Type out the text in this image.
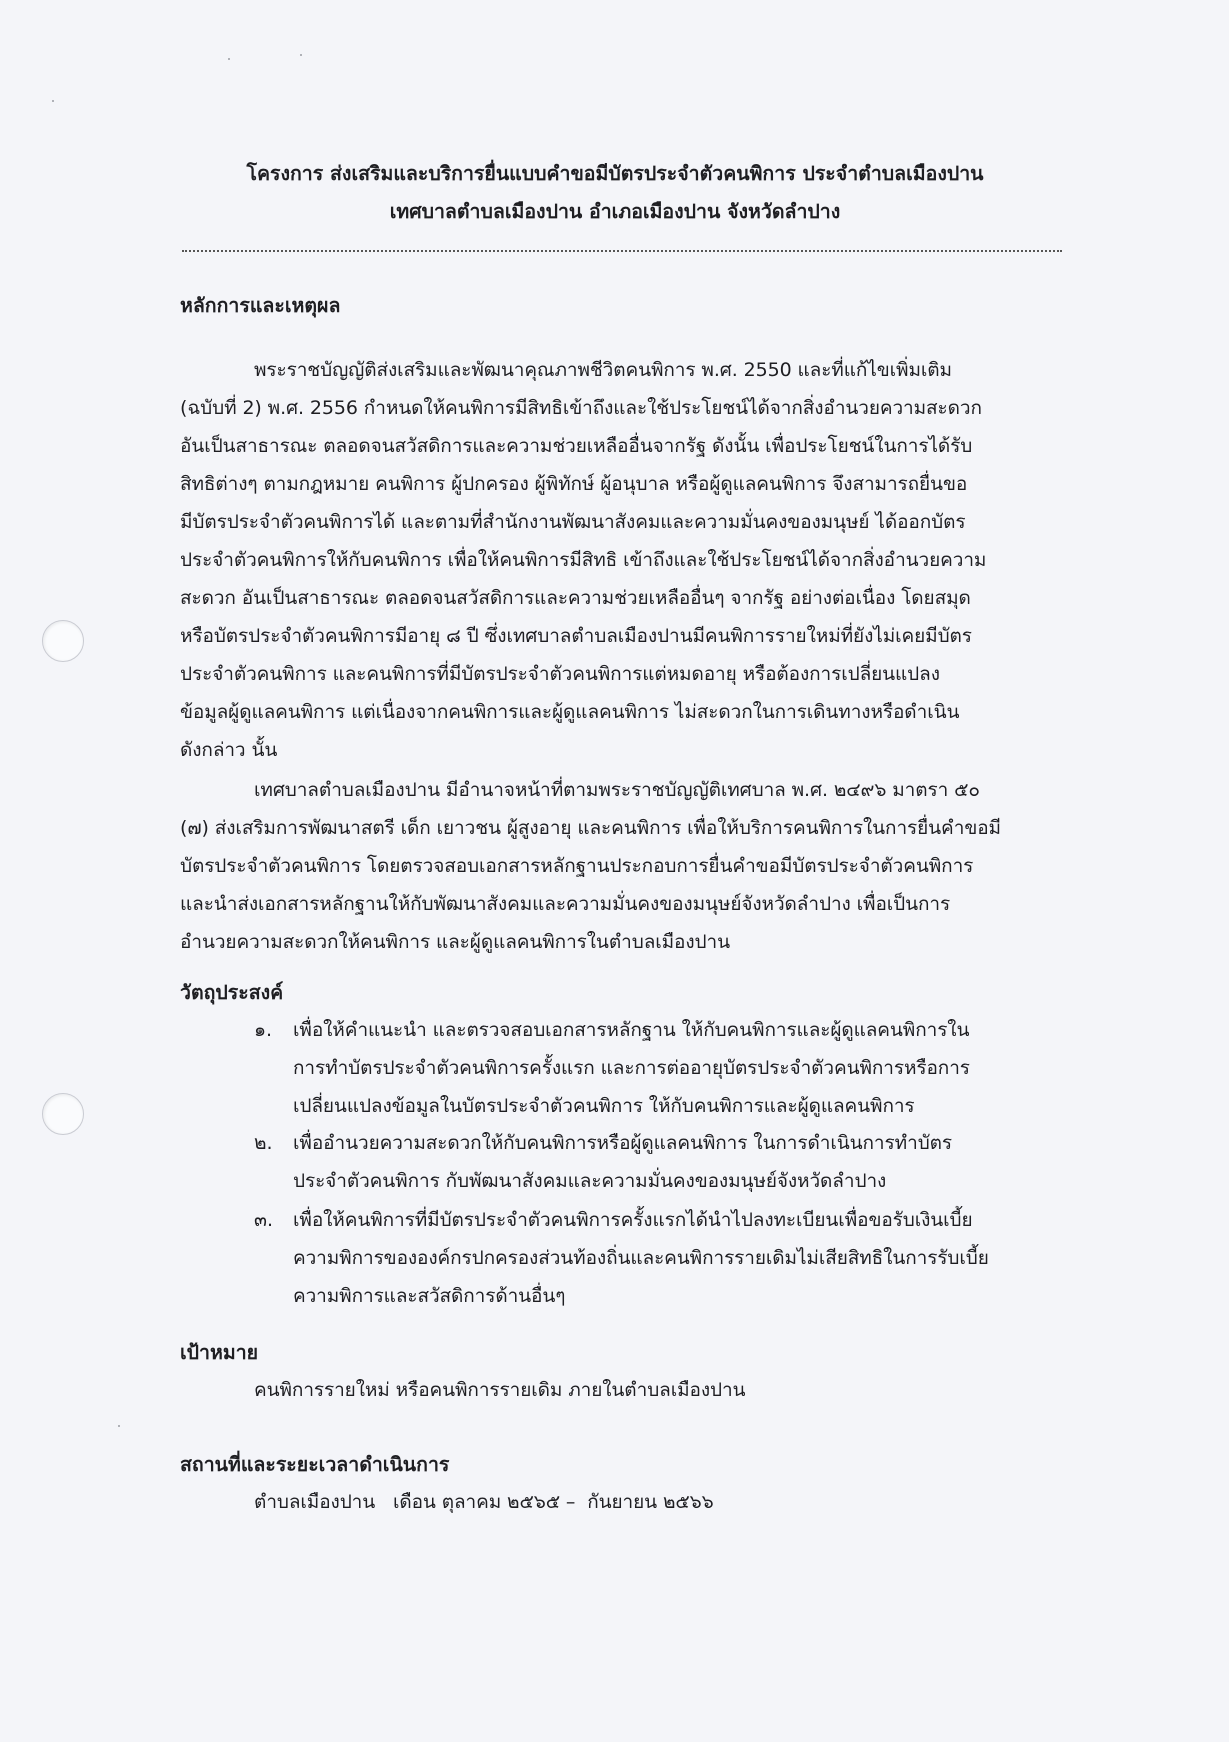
โครงการ ส่งเสริมและบริการยื่นแบบคำขอมีบัตรประจำตัวคนพิการ ประจำตำบลเมืองปาน
เทศบาลตำบลเมืองปาน อำเภอเมืองปาน จังหวัดลำปาง
หลักการและเหตุผล
พระราชบัญญัติส่งเสริมและพัฒนาคุณภาพชีวิตคนพิการ พ.ศ. 2550 และที่แก้ไขเพิ่มเติม
(ฉบับที่ 2) พ.ศ. 2556 กำหนดให้คนพิการมีสิทธิเข้าถึงและใช้ประโยชน์ได้จากสิ่งอำนวยความสะดวก
อันเป็นสาธารณะ ตลอดจนสวัสดิการและความช่วยเหลืออื่นจากรัฐ ดังนั้น เพื่อประโยชน์ในการได้รับ
สิทธิต่างๆ ตามกฎหมาย คนพิการ ผู้ปกครอง ผู้พิทักษ์ ผู้อนุบาล หรือผู้ดูแลคนพิการ จึงสามารถยื่นขอ
มีบัตรประจำตัวคนพิการได้ และตามที่สำนักงานพัฒนาสังคมและความมั่นคงของมนุษย์ ได้ออกบัตร
ประจำตัวคนพิการให้กับคนพิการ เพื่อให้คนพิการมีสิทธิ เข้าถึงและใช้ประโยชน์ได้จากสิ่งอำนวยความ
สะดวก อันเป็นสาธารณะ ตลอดจนสวัสดิการและความช่วยเหลืออื่นๆ จากรัฐ อย่างต่อเนื่อง โดยสมุด
หรือบัตรประจำตัวคนพิการมีอายุ ๘ ปี ซึ่งเทศบาลตำบลเมืองปานมีคนพิการรายใหม่ที่ยังไม่เคยมีบัตร
ประจำตัวคนพิการ และคนพิการที่มีบัตรประจำตัวคนพิการแต่หมดอายุ หรือต้องการเปลี่ยนแปลง
ข้อมูลผู้ดูแลคนพิการ แต่เนื่องจากคนพิการและผู้ดูแลคนพิการ ไม่สะดวกในการเดินทางหรือดำเนิน
ดังกล่าว นั้น
เทศบาลตำบลเมืองปาน มีอำนาจหน้าที่ตามพระราชบัญญัติเทศบาล พ.ศ. ๒๔๙๖ มาตรา ๕๐
(๗) ส่งเสริมการพัฒนาสตรี เด็ก เยาวชน ผู้สูงอายุ และคนพิการ เพื่อให้บริการคนพิการในการยื่นคำขอมี
บัตรประจำตัวคนพิการ โดยตรวจสอบเอกสารหลักฐานประกอบการยื่นคำขอมีบัตรประจำตัวคนพิการ
และนำส่งเอกสารหลักฐานให้กับพัฒนาสังคมและความมั่นคงของมนุษย์จังหวัดลำปาง เพื่อเป็นการ
อำนวยความสะดวกให้คนพิการ และผู้ดูแลคนพิการในตำบลเมืองปาน
วัตถุประสงค์
๑. เพื่อให้คำแนะนำ และตรวจสอบเอกสารหลักฐาน ให้กับคนพิการและผู้ดูแลคนพิการใน
การทำบัตรประจำตัวคนพิการครั้งแรก และการต่ออายุบัตรประจำตัวคนพิการหรือการ
เปลี่ยนแปลงข้อมูลในบัตรประจำตัวคนพิการ ให้กับคนพิการและผู้ดูแลคนพิการ
๒. เพื่ออำนวยความสะดวกให้กับคนพิการหรือผู้ดูแลคนพิการ ในการดำเนินการทำบัตร
ประจำตัวคนพิการ กับพัฒนาสังคมและความมั่นคงของมนุษย์จังหวัดลำปาง
๓. เพื่อให้คนพิการที่มีบัตรประจำตัวคนพิการครั้งแรกได้นำไปลงทะเบียนเพื่อขอรับเงินเบี้ย
ความพิการขององค์กรปกครองส่วนท้องถิ่นและคนพิการรายเดิมไม่เสียสิทธิในการรับเบี้ย
ความพิการและสวัสดิการด้านอื่นๆ
เป้าหมาย
คนพิการรายใหม่ หรือคนพิการรายเดิม ภายในตำบลเมืองปาน
สถานที่และระยะเวลาดำเนินการ
ตำบลเมืองปาน   เดือน ตุลาคม ๒๕๖๕ –  กันยายน ๒๕๖๖
